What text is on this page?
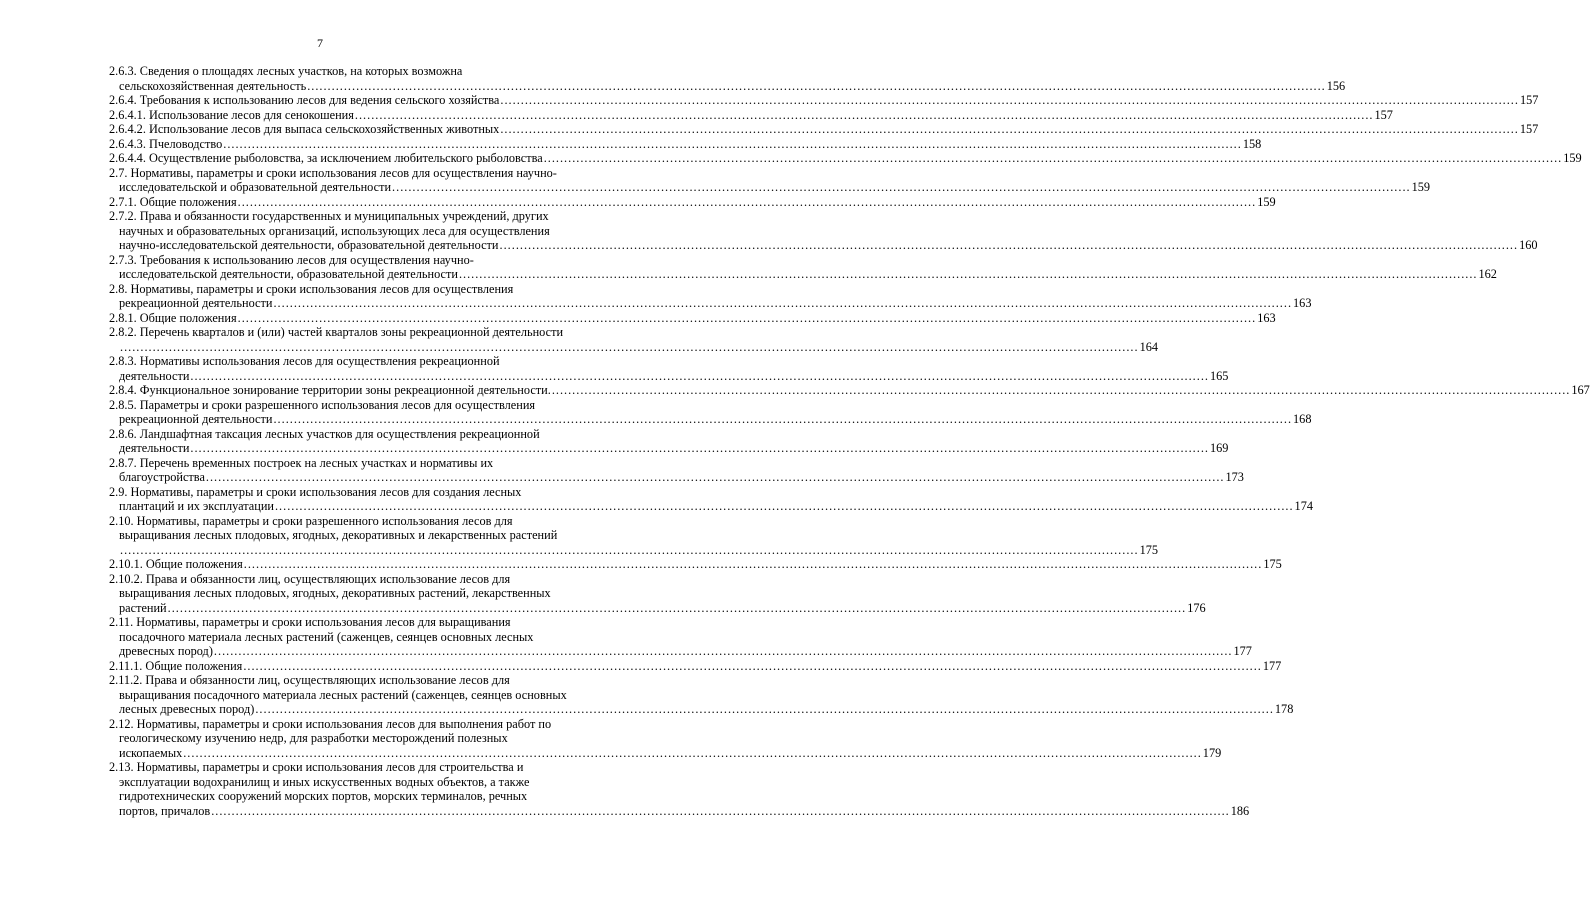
7
2.6.3. Сведения о площадях лесных участков, на которых возможна
сельскохозяйственная деятельность .......................................................................................................................................................................................................................................................... 156
2.6.4. Требования к использованию лесов для ведения сельского хозяйства .......................................................................................................................................................................................................................................................... 157
2.6.4.1. Использование лесов для сенокошения .......................................................................................................................................................................................................................................................... 157
2.6.4.2. Использование лесов для выпаса сельскохозяйственных животных .......................................................................................................................................................................................................................................................... 157
2.6.4.3. Пчеловодство .......................................................................................................................................................................................................................................................... 158
2.6.4.4. Осуществление рыболовства, за исключением любительского рыболовства .......................................................................................................................................................................................................................................................... 159
2.7. Нормативы, параметры и сроки использования лесов для осуществления научно-
исследовательской и образовательной деятельности .......................................................................................................................................................................................................................................................... 159
2.7.1. Общие положения .......................................................................................................................................................................................................................................................... 159
2.7.2. Права и обязанности государственных и муниципальных учреждений, других
научных и образовательных организаций, использующих леса для осуществления
научно-исследовательской деятельности, образовательной деятельности .......................................................................................................................................................................................................................................................... 160
2.7.3. Требования к использованию лесов для осуществления научно-
исследовательской деятельности, образовательной деятельности .......................................................................................................................................................................................................................................................... 162
2.8. Нормативы, параметры и сроки использования лесов для осуществления
рекреационной деятельности .......................................................................................................................................................................................................................................................... 163
2.8.1. Общие положения .......................................................................................................................................................................................................................................................... 163
2.8.2. Перечень кварталов и (или) частей кварталов зоны рекреационной деятельности
.......................................................................................................................................................................................................................................................... 164
2.8.3. Нормативы использования лесов для осуществления рекреационной
деятельности .......................................................................................................................................................................................................................................................... 165
2.8.4. Функциональное зонирование территории зоны рекреационной деятельности. .......................................................................................................................................................................................................................................................... 167
2.8.5. Параметры и сроки разрешенного использования лесов для осуществления
рекреационной деятельности .......................................................................................................................................................................................................................................................... 168
2.8.6. Ландшафтная таксация лесных участков для осуществления рекреационной
деятельности .......................................................................................................................................................................................................................................................... 169
2.8.7. Перечень временных построек на лесных участках и нормативы их
благоустройства .......................................................................................................................................................................................................................................................... 173
2.9. Нормативы, параметры и сроки использования лесов для создания лесных
плантаций и их эксплуатации .......................................................................................................................................................................................................................................................... 174
2.10. Нормативы, параметры и сроки разрешенного использования лесов для
выращивания лесных плодовых, ягодных, декоративных и лекарственных растений
.......................................................................................................................................................................................................................................................... 175
2.10.1. Общие положения .......................................................................................................................................................................................................................................................... 175
2.10.2. Права и обязанности лиц, осуществляющих использование лесов для
выращивания лесных плодовых, ягодных, декоративных растений, лекарственных
растений .......................................................................................................................................................................................................................................................... 176
2.11. Нормативы, параметры и сроки использования лесов для выращивания
посадочного материала лесных растений (саженцев, сеянцев основных лесных
древесных пород) .......................................................................................................................................................................................................................................................... 177
2.11.1. Общие положения .......................................................................................................................................................................................................................................................... 177
2.11.2. Права и обязанности лиц, осуществляющих использование лесов для
выращивания посадочного материала лесных растений (саженцев, сеянцев основных
лесных древесных пород) .......................................................................................................................................................................................................................................................... 178
2.12. Нормативы, параметры и сроки использования лесов для выполнения работ по
геологическому изучению недр, для разработки месторождений полезных
ископаемых .......................................................................................................................................................................................................................................................... 179
2.13. Нормативы, параметры и сроки использования лесов для строительства и
эксплуатации водохранилищ и иных искусственных водных объектов, а также
гидротехнических сооружений морских портов, морских терминалов, речных
портов, причалов .......................................................................................................................................................................................................................................................... 186
